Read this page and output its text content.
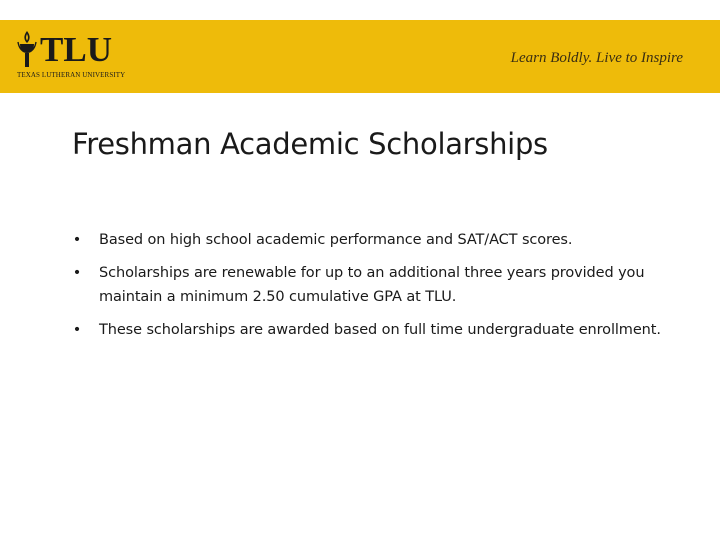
TLU
TEXAS LUTHERAN UNIVERSITY
Learn Boldly. Live to Inspire
Freshman Academic Scholarships
• Based on high school academic performance and SAT/ACT scores.
• Scholarships are renewable for up to an additional three years provided you maintain a minimum 2.50 cumulative GPA at TLU.
• These scholarships are awarded based on full time undergraduate enrollment.
